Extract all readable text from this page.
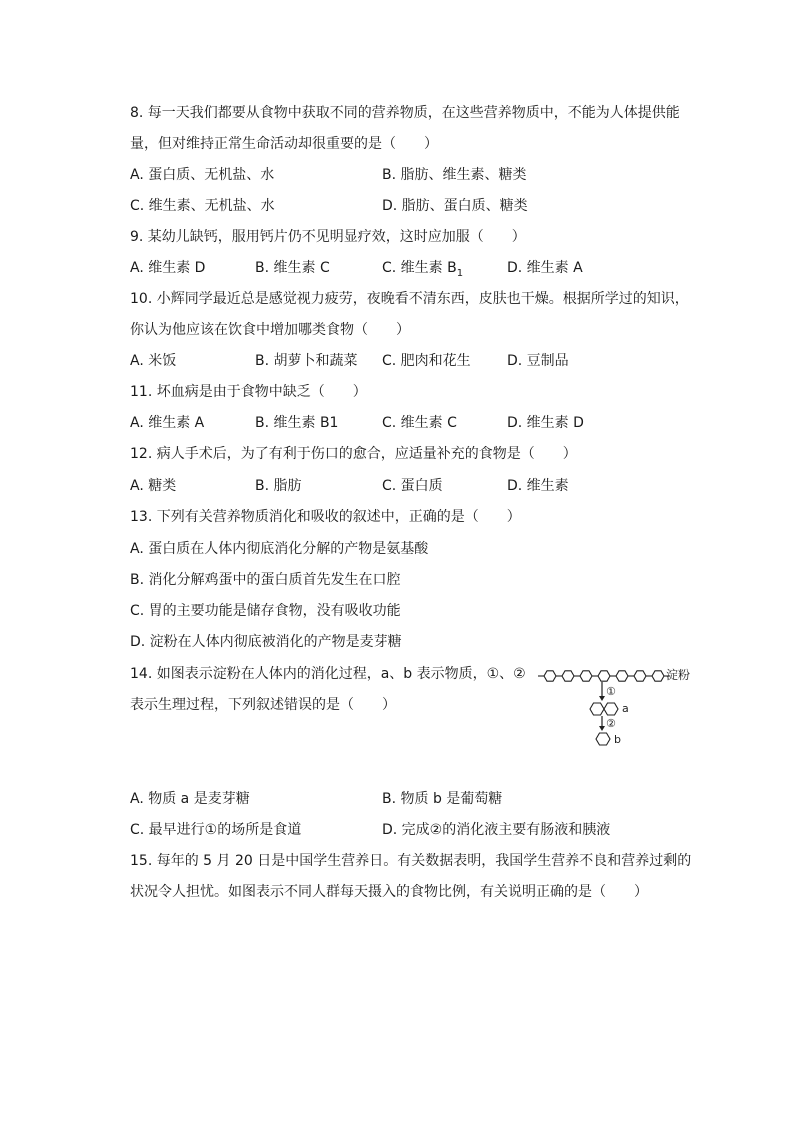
8. 每一天我们都要从食物中获取不同的营养物质，在这些营养物质中，不能为人体提供能
量，但对维持正常生命活动却很重要的是（　　）
A. 蛋白质、无机盐、水	B. 脂肪、维生素、糖类
C. 维生素、无机盐、水	D. 脂肪、蛋白质、糖类
9. 某幼儿缺钙，服用钙片仍不见明显疗效，这时应加服（　　）
A. 维生素 D	B. 维生素 C	C. 维生素 $B_1$	D. 维生素 A
10. 小辉同学最近总是感觉视力疲劳，夜晚看不清东西，皮肤也干燥。根据所学过的知识，
你认为他应该在饮食中增加哪类食物（　　）
A. 米饭	B. 胡萝卜和蔬菜 C. 肥肉和花生	D. 豆制品
11. 坏血病是由于食物中缺乏（　　）
A. 维生素 A	B. 维生素 B1	C. 维生素 C	D. 维生素 D
12. 病人手术后，为了有利于伤口的愈合，应适量补充的食物是（　　）
A. 糖类	B. 脂肪	C. 蛋白质	D. 维生素
13. 下列有关营养物质消化和吸收的叙述中，正确的是（　　）
A. 蛋白质在人体内彻底消化分解的产物是氨基酸
B. 消化分解鸡蛋中的蛋白质首先发生在口腔
C. 胃的主要功能是储存食物，没有吸收功能
D. 淀粉在人体内彻底被消化的产物是麦芽糖
14. 如图表示淀粉在人体内的消化过程，a、b 表示物质，①、②
表示生理过程，下列叙述错误的是（　　）
①
a
②
b
淀粉
A. 物质 a 是麦芽糖	B. 物质 b 是葡萄糖
C. 最早进行①的场所是食道	D. 完成②的消化液主要有肠液和胰液
15. 每年的 5 月 20 日是中国学生营养日。有关数据表明，我国学生营养不良和营养过剩的
状况令人担忧。如图表示不同人群每天摄入的食物比例，有关说明正确的是（　　）
